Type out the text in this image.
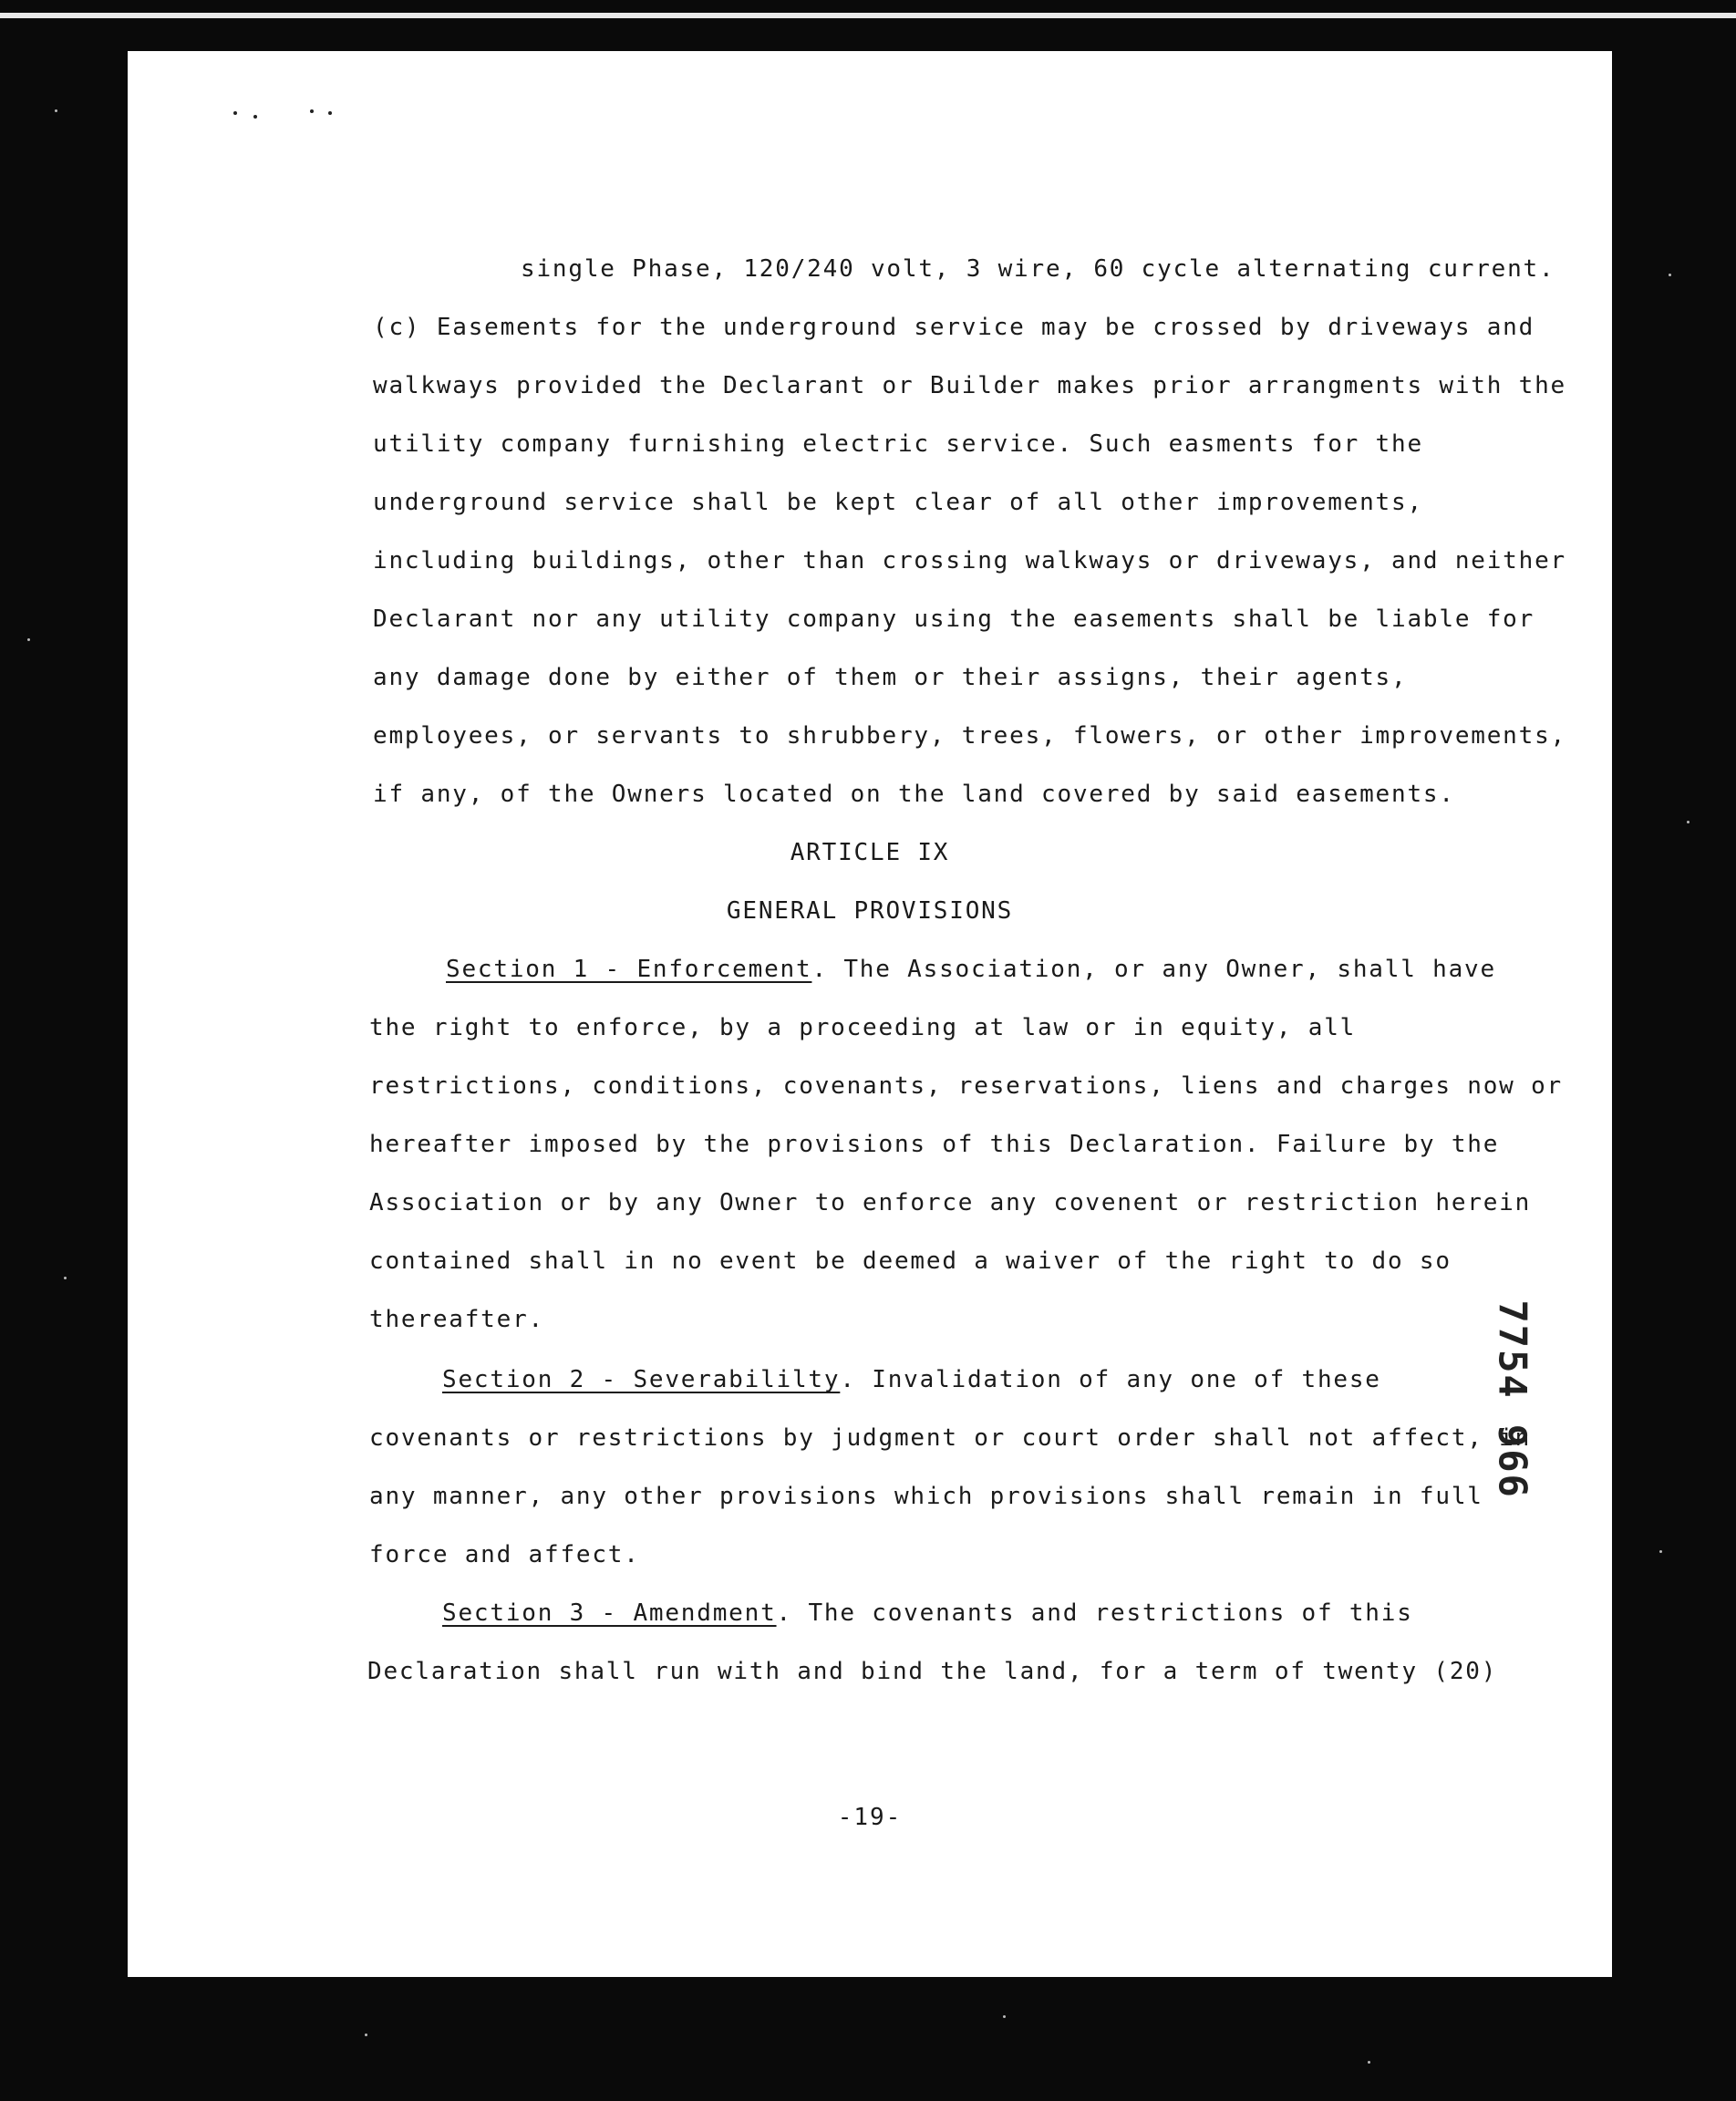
single Phase, 120/240 volt, 3 wire, 60 cycle alternating current.
(c) Easements for the underground service may be crossed by driveways and
walkways provided the Declarant or Builder makes prior arrangments with the
utility company furnishing electric service. Such easments for the
underground service shall be kept clear of all other improvements,
including buildings, other than crossing walkways or driveways, and neither
Declarant nor any utility company using the easements shall be liable for
any damage done by either of them or their assigns, their agents,
employees, or servants to shrubbery, trees, flowers, or other improvements,
if any, of the Owners located on the land covered by said easements.
ARTICLE IX
GENERAL PROVISIONS
Section 1 - Enforcement. The Association, or any Owner, shall have
the right to enforce, by a proceeding at law or in equity, all
restrictions, conditions, covenants, reservations, liens and charges now or
hereafter imposed by the provisions of this Declaration. Failure by the
Association or by any Owner to enforce any covenent or restriction herein
contained shall in no event be deemed a waiver of the right to do so
thereafter.
Section 2 - Severabililty. Invalidation of any one of these
covenants or restrictions by judgment or court order shall not affect, in
any manner, any other provisions which provisions shall remain in full
force and affect.
Section 3 - Amendment. The covenants and restrictions of this
Declaration shall run with and bind the land, for a term of twenty (20)
7754 966
-19-
